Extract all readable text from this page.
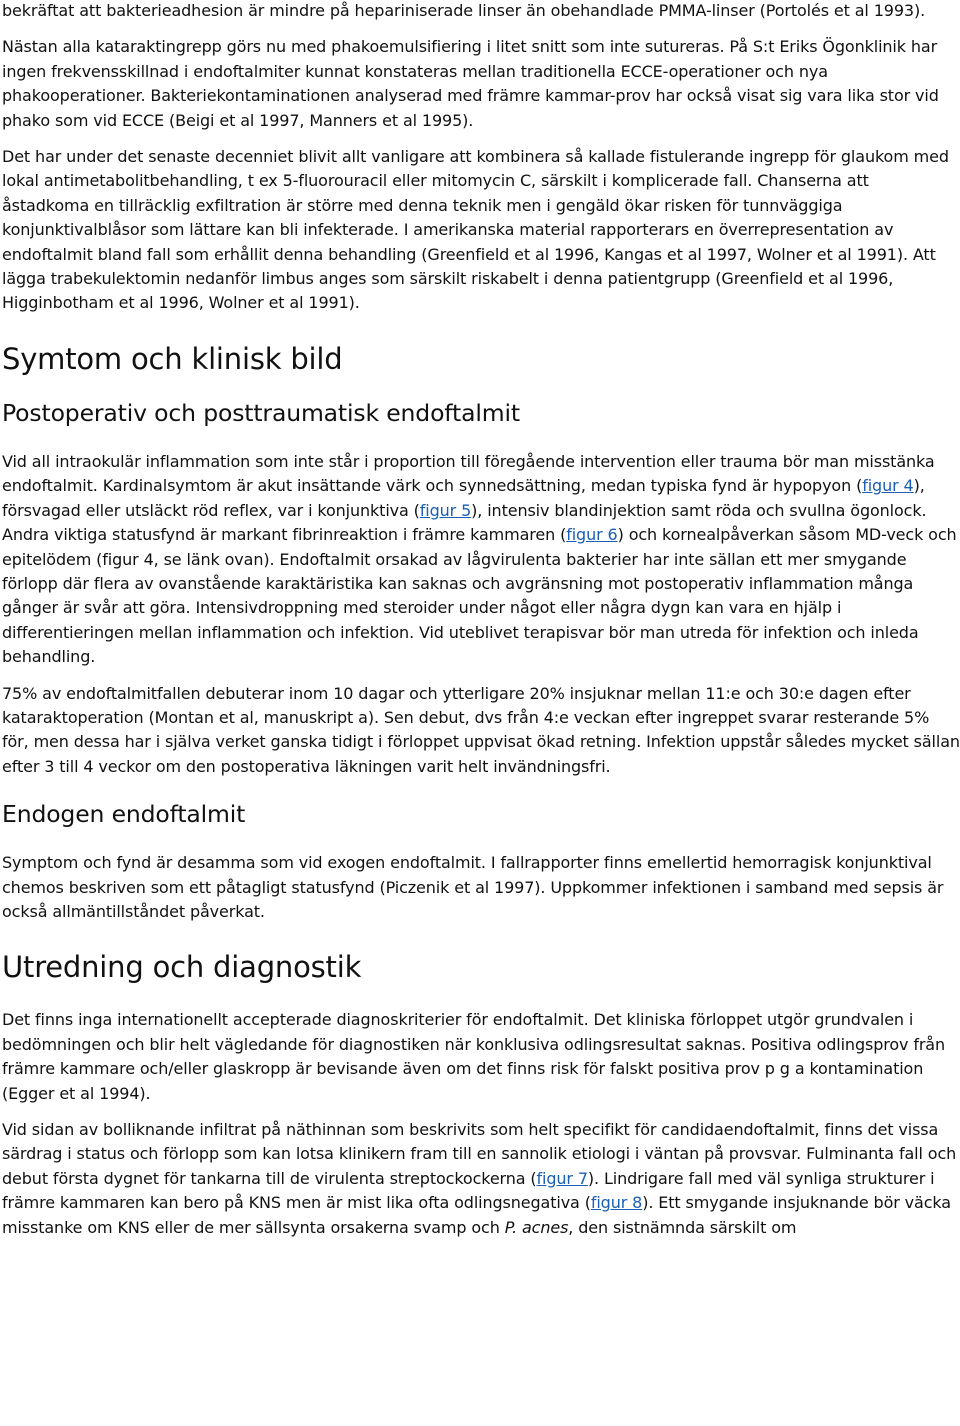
bekräftat att bakterieadhesion är mindre på hepariniserade linser än obehandlade PMMA-linser (Portolés et al 1993).

Nästan alla kataraktingrepp görs nu med phakoemulsifiering i litet snitt som inte sutureras. På S:t Eriks Ögonklinik har ingen frekvensskillnad i endoftalmiter kunnat konstateras mellan traditionella ECCE-operationer och nya phakooperationer. Bakteriekontaminationen analyserad med främre kammar-prov har också visat sig vara lika stor vid phako som vid ECCE (Beigi et al 1997, Manners et al 1995).

Det har under det senaste decenniet blivit allt vanligare att kombinera så kallade fistulerande ingrepp för glaukom med lokal antimetabolitbehandling, t ex 5-fluorouracil eller mitomycin C, särskilt i komplicerade fall. Chanserna att åstadkoma en tillräcklig exfiltration är större med denna teknik men i gengäld ökar risken för tunnväggiga konjunktivalblåsor som lättare kan bli infekterade. I amerikanska material rapporterars en överrepresentation av endoftalmit bland fall som erhållit denna behandling (Greenfield et al 1996, Kangas et al 1997, Wolner et al 1991). Att lägga trabekulektomin nedanför limbus anges som särskilt riskabelt i denna patientgrupp (Greenfield et al 1996, Higginbotham et al 1996, Wolner et al 1991).

Symtom och klinisk bild
Postoperativ och posttraumatisk endoftalmit

Vid all intraokulär inflammation som inte står i proportion till föregående intervention eller trauma bör man misstänka endoftalmit. Kardinalsymtom är akut insättande värk och synnedsättning, medan typiska fynd är hypopyon (figur 4), försvagad eller utsläckt röd reflex, var i konjunktiva (figur 5), intensiv blandinjektion samt röda och svullna ögonlock. Andra viktiga statusfynd är markant fibrinreaktion i främre kammaren (figur 6) och kornealpåverkan såsom MD-veck och epitelödem (figur 4, se länk ovan). Endoftalmit orsakad av lågvirulenta bakterier har inte sällan ett mer smygande förlopp där flera av ovanstående karaktäristika kan saknas och avgränsning mot postoperativ inflammation många gånger är svår att göra. Intensivdroppning med steroider under något eller några dygn kan vara en hjälp i differentieringen mellan inflammation och infektion. Vid uteblivet terapisvar bör man utreda för infektion och inleda behandling.

75% av endoftalmitfallen debuterar inom 10 dagar och ytterligare 20% insjuknar mellan 11:e och 30:e dagen efter kataraktoperation (Montan et al, manuskript a). Sen debut, dvs från 4:e veckan efter ingreppet svarar resterande 5% för, men dessa har i själva verket ganska tidigt i förloppet uppvisat ökad retning. Infektion uppstår således mycket sällan efter 3 till 4 veckor om den postoperativa läkningen varit helt invändningsfri.

Endogen endoftalmit

Symptom och fynd är desamma som vid exogen endoftalmit. I fallrapporter finns emellertid hemorragisk konjunktival chemos beskriven som ett påtagligt statusfynd (Piczenik et al 1997). Uppkommer infektionen i samband med sepsis är också allmäntillståndet påverkat.

Utredning och diagnostik

Det finns inga internationellt accepterade diagnoskriterier för endoftalmit. Det kliniska förloppet utgör grundvalen i bedömningen och blir helt vägledande för diagnostiken när konklusiva odlingsresultat saknas. Positiva odlingsprov från främre kammare och/eller glaskropp är bevisande även om det finns risk för falskt positiva prov p g a kontamination (Egger et al 1994).

Vid sidan av bolliknande infiltrat på näthinnan som beskrivits som helt specifikt för candidaendoftalmit, finns det vissa särdrag i status och förlopp som kan lotsa klinikern fram till en sannolik etiologi i väntan på provsvar. Fulminanta fall och debut första dygnet för tankarna till de virulenta streptockockerna (figur 7). Lindrigare fall med väl synliga strukturer i främre kammaren kan bero på KNS men är mist lika ofta odlingsnegativa (figur 8). Ett smygande insjuknande bör väcka misstanke om KNS eller de mer sällsynta orsakerna svamp och P. acnes, den sistnämnda särskilt om
